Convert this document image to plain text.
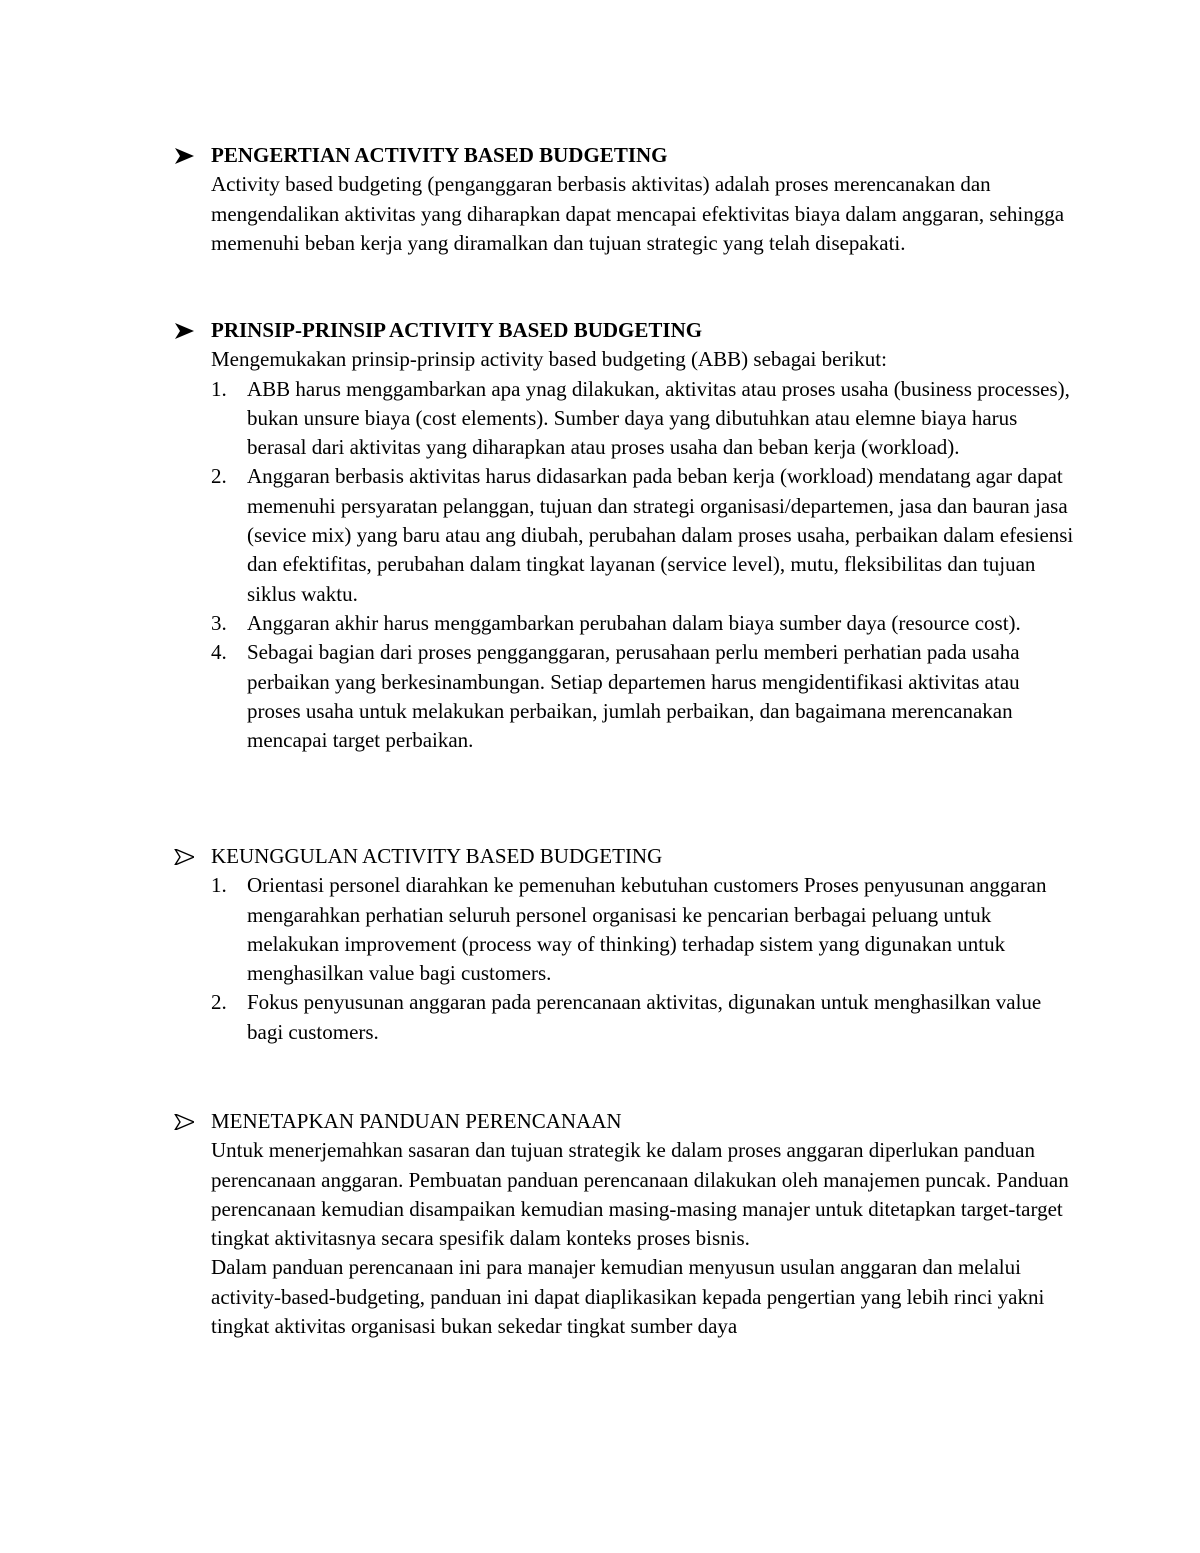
PENGERTIAN ACTIVITY BASED BUDGETING

Activity based budgeting (penganggaran berbasis aktivitas) adalah proses merencanakan dan mengendalikan aktivitas yang diharapkan dapat mencapai efektivitas biaya dalam anggaran, sehingga memenuhi beban kerja yang diramalkan dan tujuan strategic yang telah disepakati.

PRINSIP-PRINSIP ACTIVITY BASED BUDGETING

Mengemukakan prinsip-prinsip activity based budgeting (ABB) sebagai berikut:

1. ABB harus menggambarkan apa ynag dilakukan, aktivitas atau proses usaha (business processes), bukan unsure biaya (cost elements). Sumber daya yang dibutuhkan atau elemne biaya harus berasal dari aktivitas yang diharapkan atau proses usaha dan beban kerja (workload).
2. Anggaran berbasis aktivitas harus didasarkan pada beban kerja (workload) mendatang agar dapat memenuhi persyaratan pelanggan, tujuan dan strategi organisasi/departemen, jasa dan bauran jasa (sevice mix) yang baru atau ang diubah, perubahan dalam proses usaha, perbaikan dalam efesiensi dan efektifitas, perubahan dalam tingkat layanan (service level), mutu, fleksibilitas dan tujuan siklus waktu.
3. Anggaran akhir harus menggambarkan perubahan dalam biaya sumber daya (resource cost).
4. Sebagai bagian dari proses pengganggaran, perusahaan perlu memberi perhatian pada usaha perbaikan yang berkesinambungan. Setiap departemen harus mengidentifikasi aktivitas atau proses usaha untuk melakukan perbaikan, jumlah perbaikan, dan bagaimana merencanakan mencapai target perbaikan.
KEUNGGULAN ACTIVITY BASED BUDGETING
1. Orientasi personel diarahkan ke pemenuhan kebutuhan customers Proses penyusunan anggaran mengarahkan perhatian seluruh personel organisasi ke pencarian berbagai peluang untuk melakukan improvement (process way of thinking) terhadap sistem yang digunakan untuk menghasilkan value bagi customers.
2. Fokus penyusunan anggaran pada perencanaan aktivitas, digunakan untuk menghasilkan value bagi customers.
MENETAPKAN PANDUAN PERENCANAAN

Untuk menerjemahkan sasaran dan tujuan strategik ke dalam proses anggaran diperlukan panduan perencanaan anggaran. Pembuatan panduan perencanaan dilakukan oleh manajemen puncak. Panduan perencanaan kemudian disampaikan kemudian masing-masing manajer untuk ditetapkan target-target tingkat aktivitasnya secara spesifik dalam konteks proses bisnis.

Dalam panduan perencanaan ini para manajer kemudian menyusun usulan anggaran dan melalui activity-based-budgeting, panduan ini dapat diaplikasikan kepada pengertian yang lebih rinci yakni tingkat aktivitas organisasi bukan sekedar tingkat sumber daya
